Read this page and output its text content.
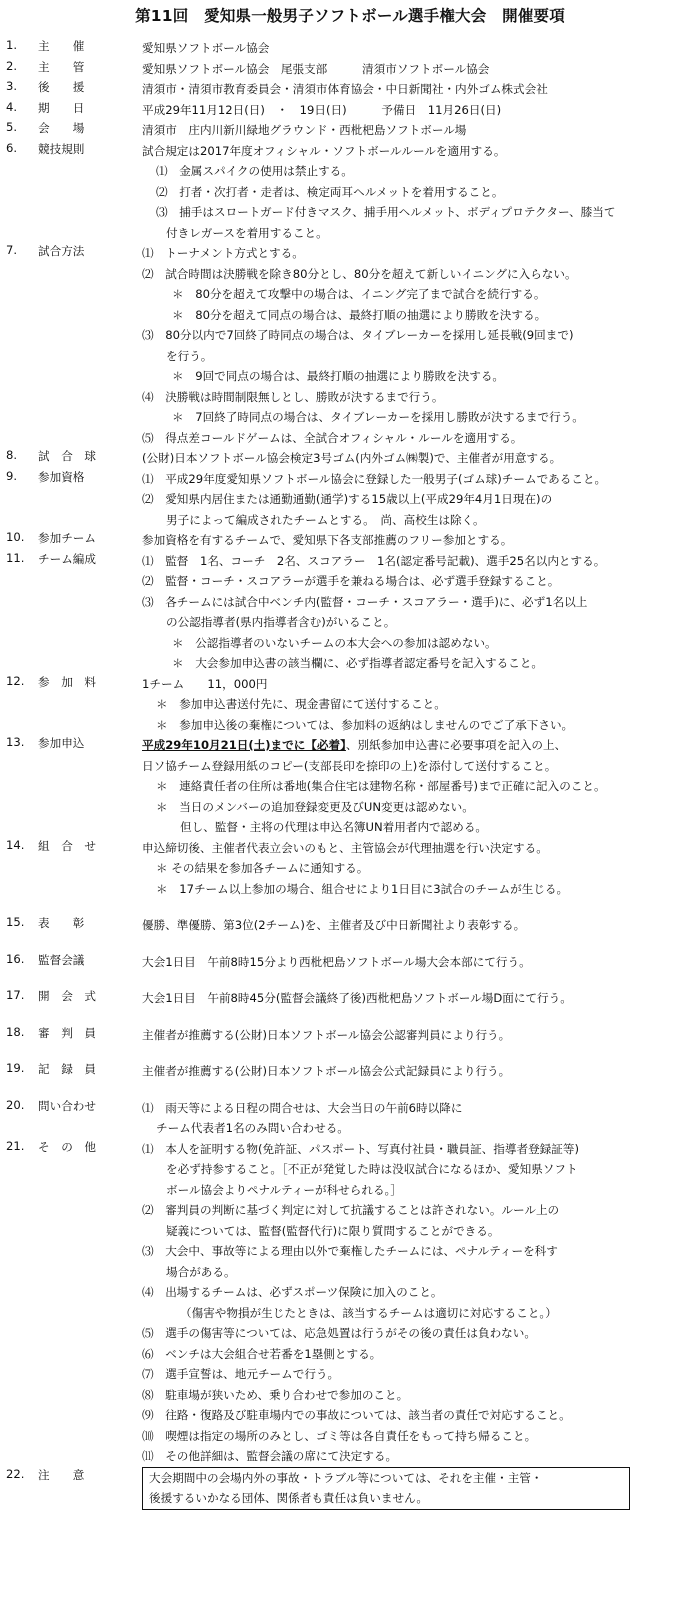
第11回　愛知県一般男子ソフトボール選手権大会　開催要項
1.	主　　催	愛知県ソフトボール協会
2.	主　　管	愛知県ソフトボール協会　尾張支部　　　清須市ソフトボール協会
3.	後　　援	清須市・清須市教育委員会・清須市体育協会・中日新聞社・内外ゴム株式会社
4.	期　　日	平成29年11月12日(日)　・　19日(日)　　　予備日　11月26日(日)
5.	会　　場	清須市　庄内川新川緑地グラウンド・西枇杷島ソフトボール場
6.	競技規則	試合規定は2017年度オフィシャル・ソフトボールルールを適用する。
⑴　金属スパイクの使用は禁止する。
⑵　打者・次打者・走者は、検定両耳ヘルメットを着用すること。
⑶　捕手はスロートガード付きマスク、捕手用ヘルメット、ボディプロテクター、膝当て
付きレガースを着用すること。
7.	試合方法	⑴　トーナメント方式とする。
⑵　試合時間は決勝戦を除き80分とし、80分を超えて新しいイニングに入らない。
＊　80分を超えて攻撃中の場合は、イニング完了まで試合を続行する。
＊　80分を超えて同点の場合は、最終打順の抽選により勝敗を決する。
⑶　80分以内で7回終了時同点の場合は、タイブレーカーを採用し延長戦(9回まで)
を行う。
＊　9回で同点の場合は、最終打順の抽選により勝敗を決する。
⑷　決勝戦は時間制限無しとし、勝敗が決するまで行う。
＊　7回終了時同点の場合は、タイブレーカーを採用し勝敗が決するまで行う。
⑸　得点差コールドゲームは、全試合オフィシャル・ルールを適用する。
8.	試　合　球	(公財)日本ソフトボール協会検定3号ゴム(内外ゴム㈱製)で、主催者が用意する。
9.	参加資格	⑴　平成29年度愛知県ソフトボール協会に登録した一般男子(ゴム球)チームであること。
⑵　愛知県内居住または通勤通勤(通学)する15歳以上(平成29年4月1日現在)の
男子によって編成されたチームとする。　尚、高校生は除く。
10.	参加チーム	参加資格を有するチームで、愛知県下各支部推薦のフリー参加とする。
11.	チーム編成	⑴　監督　1名、コーチ　2名、スコアラー　1名(認定番号記載)、選手25名以内とする。
⑵　監督・コーチ・スコアラーが選手を兼ねる場合は、必ず選手登録すること。
⑶　各チームには試合中ベンチ内(監督・コーチ・スコアラー・選手)に、必ず1名以上
の公認指導者(県内指導者含む)がいること。
＊　公認指導者のいないチームの本大会への参加は認めない。
＊　大会参加申込書の該当欄に、必ず指導者認定番号を記入すること。
12.	参　加　料	1チーム　　11，000円
＊　参加申込書送付先に、現金書留にて送付すること。
＊　参加申込後の棄権については、参加料の返納はしませんのでご了承下さい。
13.	参加申込	平成29年10月21日(土)までに【必着】、別紙参加申込書に必要事項を記入の上、
日ソ協チーム登録用紙のコピー(支部長印を捺印の上)を添付して送付すること。
＊　連絡責任者の住所は番地(集合住宅は建物名称・部屋番号)まで正確に記入のこと。
＊　当日のメンバーの追加登録変更及びUN変更は認めない。
但し、監督・主将の代理は申込名簿UN着用者内で認める。
14.	組　合　せ	申込締切後、主催者代表立会いのもと、主管協会が代理抽選を行い決定する。
＊ その結果を参加各チームに通知する。
＊　17チーム以上参加の場合、組合せにより1日目に3試合のチームが生じる。
15.	表　　彰	優勝、準優勝、第3位(2チーム)を、主催者及び中日新聞社より表彰する。
16.	監督会議	大会1日目　午前8時15分より西枇杷島ソフトボール場大会本部にて行う。
17.	開　会　式	大会1日目　午前8時45分(監督会議終了後)西枇杷島ソフトボール場D面にて行う。
18.	審　判　員	主催者が推薦する(公財)日本ソフトボール協会公認審判員により行う。
19.	記　録　員	主催者が推薦する(公財)日本ソフトボール協会公式記録員により行う。
20.	問い合わせ	⑴　雨天等による日程の問合せは、大会当日の午前6時以降に
チーム代表者1名のみ問い合わせる。
21.	そ　の　他	⑴　本人を証明する物(免許証、パスポート、写真付社員・職員証、指導者登録証等)
を必ず持参すること。［不正が発覚した時は没収試合になるほか、愛知県ソフト
ボール協会よりペナルティーが科せられる。］
⑵　審判員の判断に基づく判定に対して抗議することは許されない。ルール上の
疑義については、監督(監督代行)に限り質問することができる。
⑶　大会中、事故等による理由以外で棄権したチームには、ペナルティーを科す
場合がある。
⑷　出場するチームは、必ずスポーツ保険に加入のこと。
（傷害や物損が生じたときは、該当するチームは適切に対応すること。）
⑸　選手の傷害等については、応急処置は行うがその後の責任は負わない。
⑹　ベンチは大会組合せ若番を1塁側とする。
⑺　選手宣誓は、地元チームで行う。
⑻　駐車場が狭いため、乗り合わせで参加のこと。
⑼　往路・復路及び駐車場内での事故については、該当者の責任で対応すること。
⑽　喫煙は指定の場所のみとし、ゴミ等は各自責任をもって持ち帰ること。
⑾　その他詳細は、監督会議の席にて決定する。
22.	注　　意	大会期間中の会場内外の事故・トラブル等については、それを主催・主管・
後援するいかなる団体、関係者も責任は負いません。
